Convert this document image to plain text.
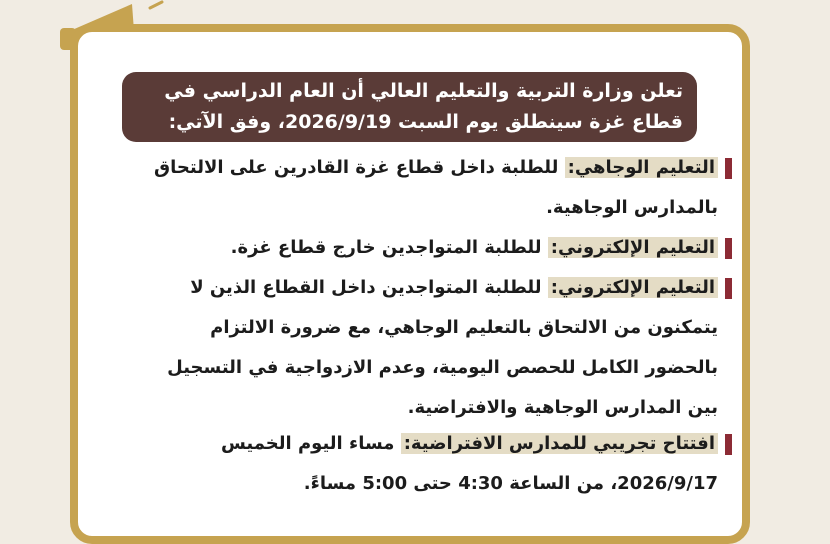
تعلن وزارة التربية والتعليم العالي أن العام الدراسي في
قطاع غزة سينطلق يوم السبت 2026/9/19، وفق الآتي:
التعليم الوجاهي: للطلبة داخل قطاع غزة القادرين على الالتحاق
بالمدارس الوجاهية.
التعليم الإلكتروني: للطلبة المتواجدين خارج قطاع غزة.
التعليم الإلكتروني: للطلبة المتواجدين داخل القطاع الذين لا
يتمكنون من الالتحاق بالتعليم الوجاهي، مع ضرورة الالتزام
بالحضور الكامل للحصص اليومية، وعدم الازدواجية في التسجيل
بين المدارس الوجاهية والافتراضية.
افتتاح تجريبي للمدارس الافتراضية: مساء اليوم الخميس
2026/9/17، من الساعة 4:30 حتى 5:00 مساءً.
